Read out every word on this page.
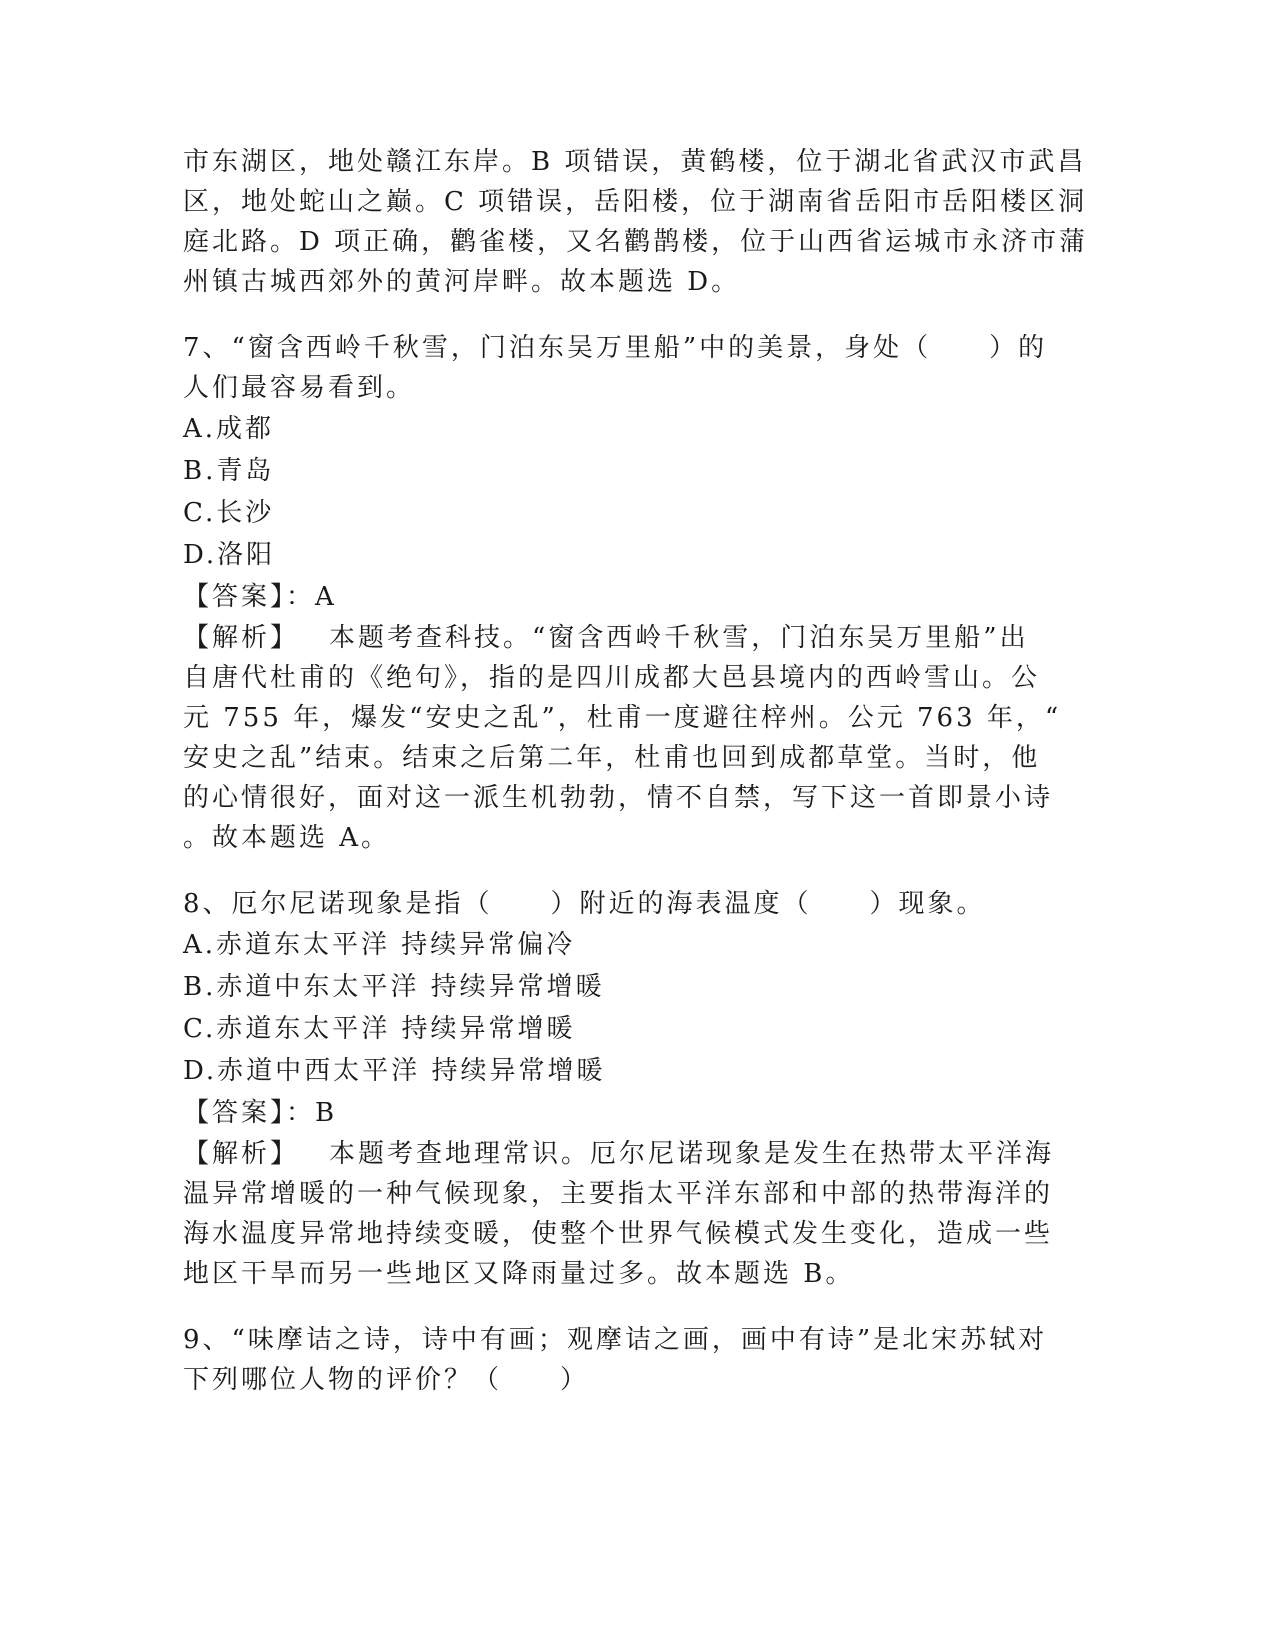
市东湖区，地处赣江东岸。B 项错误，黄鹤楼，位于湖北省武汉市武昌
区，地处蛇山之巅。C 项错误，岳阳楼，位于湖南省岳阳市岳阳楼区洞
庭北路。D 项正确，鹳雀楼，又名鹳鹊楼，位于山西省运城市永济市蒲
州镇古城西郊外的黄河岸畔。故本题选 D。
7、“窗含西岭千秋雪，门泊东吴万里船”中的美景，身处（　　）的
人们最容易看到。
A.成都
B.青岛
C.长沙
D.洛阳
【答案】：A
【解析】 本题考查科技。“窗含西岭千秋雪，门泊东吴万里船”出
自唐代杜甫的《绝句》，指的是四川成都大邑县境内的西岭雪山。公
元 755 年，爆发“安史之乱”，杜甫一度避往梓州。公元 763 年，“
安史之乱”结束。结束之后第二年，杜甫也回到成都草堂。当时，他
的心情很好，面对这一派生机勃勃，情不自禁，写下这一首即景小诗
。故本题选 A。
8、厄尔尼诺现象是指（　　）附近的海表温度（　　）现象。
A.赤道东太平洋 持续异常偏冷
B.赤道中东太平洋 持续异常增暖
C.赤道东太平洋 持续异常增暖
D.赤道中西太平洋 持续异常增暖
【答案】：B
【解析】 本题考查地理常识。厄尔尼诺现象是发生在热带太平洋海
温异常增暖的一种气候现象，主要指太平洋东部和中部的热带海洋的
海水温度异常地持续变暖，使整个世界气候模式发生变化，造成一些
地区干旱而另一些地区又降雨量过多。故本题选 B。
9、“味摩诘之诗，诗中有画；观摩诘之画，画中有诗”是北宋苏轼对
下列哪位人物的评价？（　　）
